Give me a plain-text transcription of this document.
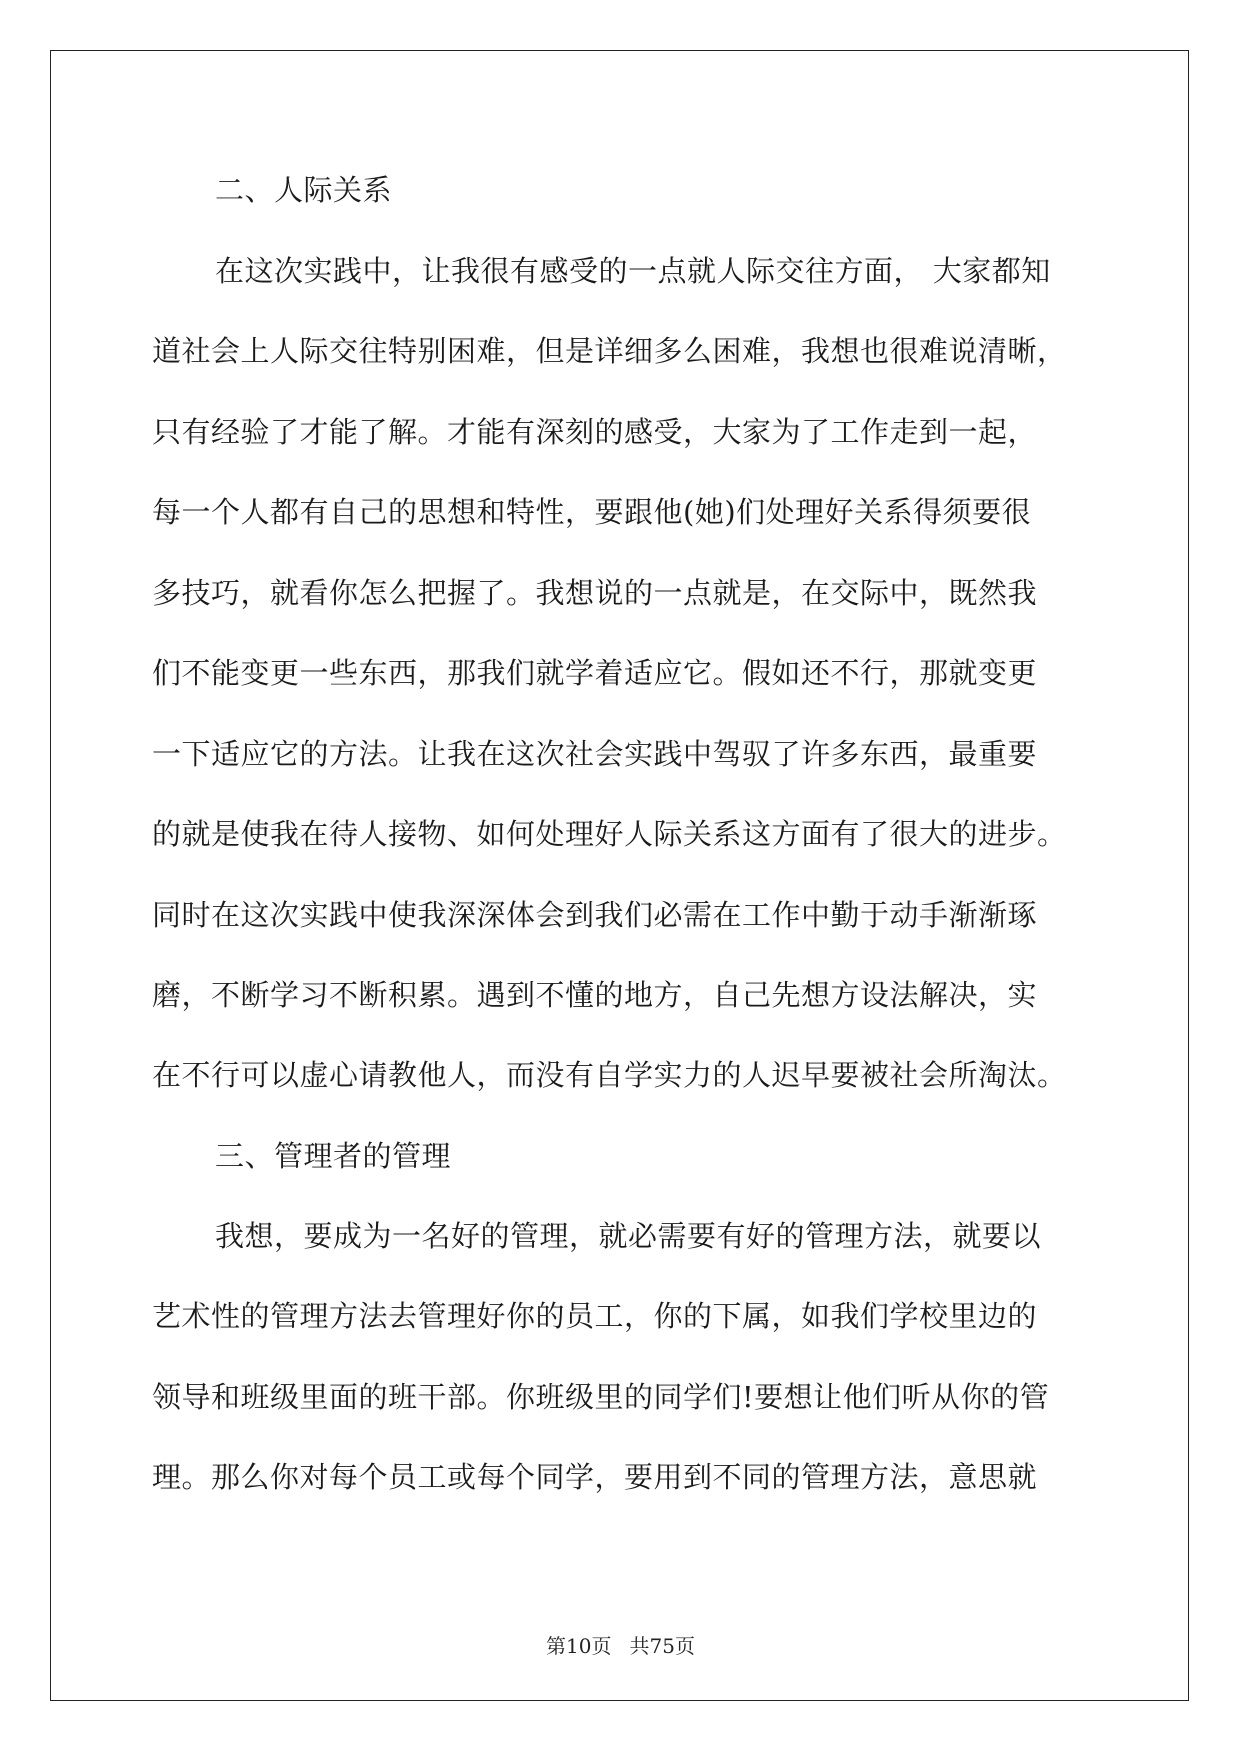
二、人际关系
在这次实践中，让我很有感受的一点就人际交往方面， 大家都知
道社会上人际交往特别困难，但是详细多么困难，我想也很难说清晰，
只有经验了才能了解。才能有深刻的感受，大家为了工作走到一起，
每一个人都有自己的思想和特性，要跟他(她)们处理好关系得须要很
多技巧，就看你怎么把握了。我想说的一点就是，在交际中，既然我
们不能变更一些东西，那我们就学着适应它。假如还不行，那就变更
一下适应它的方法。让我在这次社会实践中驾驭了许多东西，最重要
的就是使我在待人接物、如何处理好人际关系这方面有了很大的进步。
同时在这次实践中使我深深体会到我们必需在工作中勤于动手渐渐琢
磨，不断学习不断积累。遇到不懂的地方，自己先想方设法解决，实
在不行可以虚心请教他人，而没有自学实力的人迟早要被社会所淘汰。
三、管理者的管理
我想，要成为一名好的管理，就必需要有好的管理方法，就要以
艺术性的管理方法去管理好你的员工，你的下属，如我们学校里边的
领导和班级里面的班干部。你班级里的同学们!要想让他们听从你的管
理。那么你对每个员工或每个同学，要用到不同的管理方法，意思就
第10页 共75页
